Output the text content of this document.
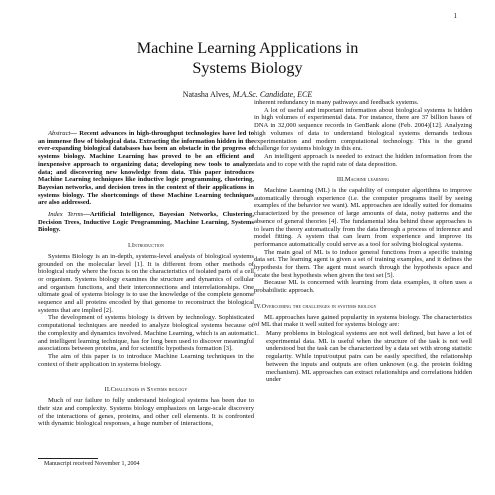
1
Machine Learning Applications in
Systems Biology
Natasha Alves, M.A.Sc. Candidate, ECE

Abstract— Recent advances in high-throughput technologies have led to an immense flow of biological data. Extracting the information hidden in the ever-expanding biological databases has been an obstacle in the progress of systems biology. Machine Learning has proved to be an efficient and inexpensive approach to organizing data; developing new tools to analyze data; and discovering new knowledge from data. This paper introduces Machine Learning techniques like inductive logic programming, clustering, Bayesian networks, and decision trees in the context of their applications in systems biology. The shortcomings of these Machine Learning techniques are also addressed.

Index Terms—Artificial Intelligence, Bayesian Networks, Clustering, Decision Trees, Inductive Logic Programming, Machine Learning, Systems Biology.

I.Introduction

Systems Biology is an in-depth, systems-level analysis of biological systems grounded on the molecular level [1]. It is different from other methods of biological study where the focus is on the characteristics of isolated parts of a cell or organism. Systems biology examines the structure and dynamics of cellular and organism functions, and their interconnections and interrelationships. One ultimate goal of systems biology is to use the knowledge of the complete genome sequence and all proteins encoded by that genome to reconstruct the biological systems that are implied [2].

The development of systems biology is driven by technology. Sophisticated computational techniques are needed to analyze biological systems because of the complexity and dynamics involved. Machine Learning, which is an automatic and intelligent learning technique, has for long been used to discover meaningful associations between proteins, and for scientific hypothesis formation [3].

The aim of this paper is to introduce Machine Learning techniques in the context of their application in systems biology.

II.Challenges in Systems biology

Much of our failure to fully understand biological systems has been due to their size and complexity. Systems biology emphasizes on large-scale discovery of the interactions of genes, proteins, and other cell elements. It is confronted with dynamic biological responses, a huge number of interactions,

Manuscript received November 1, 2004

inherent redundancy in many pathways and feedback systems.

A lot of useful and important information about biological systems is hidden in high volumes of experimental data. For instance, there are 37 billion bases of DNA in 32,000 sequence records in GenBank alone (Feb. 2004)[12]. Analyzing high volumes of data to understand biological systems demands tedious experimentation and modern computational technology. This is the grand challenge for systems biology in this era.

An intelligent approach is needed to extract the hidden information from the data and to cope with the rapid rate of data deposition.

III.Machine learning

Machine Learning (ML) is the capability of computer algorithms to improve automatically through experience (i.e. the computer programs itself by seeing examples of the behavior we want). ML approaches are ideally suited for domains characterized by the presence of large amounts of data, noisy patterns and the absence of general theories [4]. The fundamental idea behind these approaches is to learn the theory automatically from the data through a process of inference and model fitting. A system that can learn from experience and improve its performance automatically could serve as a tool for solving biological systems.

The main goal of ML is to induce general functions from a specific training data set. The learning agent is given a set of training examples, and it defines the hypothesis for them. The agent must search through the hypothesis space and locate the best hypothesis when given the test set [5].

Because ML is concerned with learning from data examples, it often uses a probabilistic approach.

IV.Overcoming the challenges in systems biology

ML approaches have gained popularity in systems biology. The characteristics of ML that make it well suited for systems biology are:

1.	Many problems in biological systems are not well defined, but have a lot of experimental data. ML is useful when the structure of the task is not well understood but the task can be characterized by a data set with strong statistic regularity. While input/output pairs can be easily specified, the relationship between the inputs and outputs are often unknown (e.g. the protein folding mechanism). ML approaches can extract relationships and correlations hidden under
